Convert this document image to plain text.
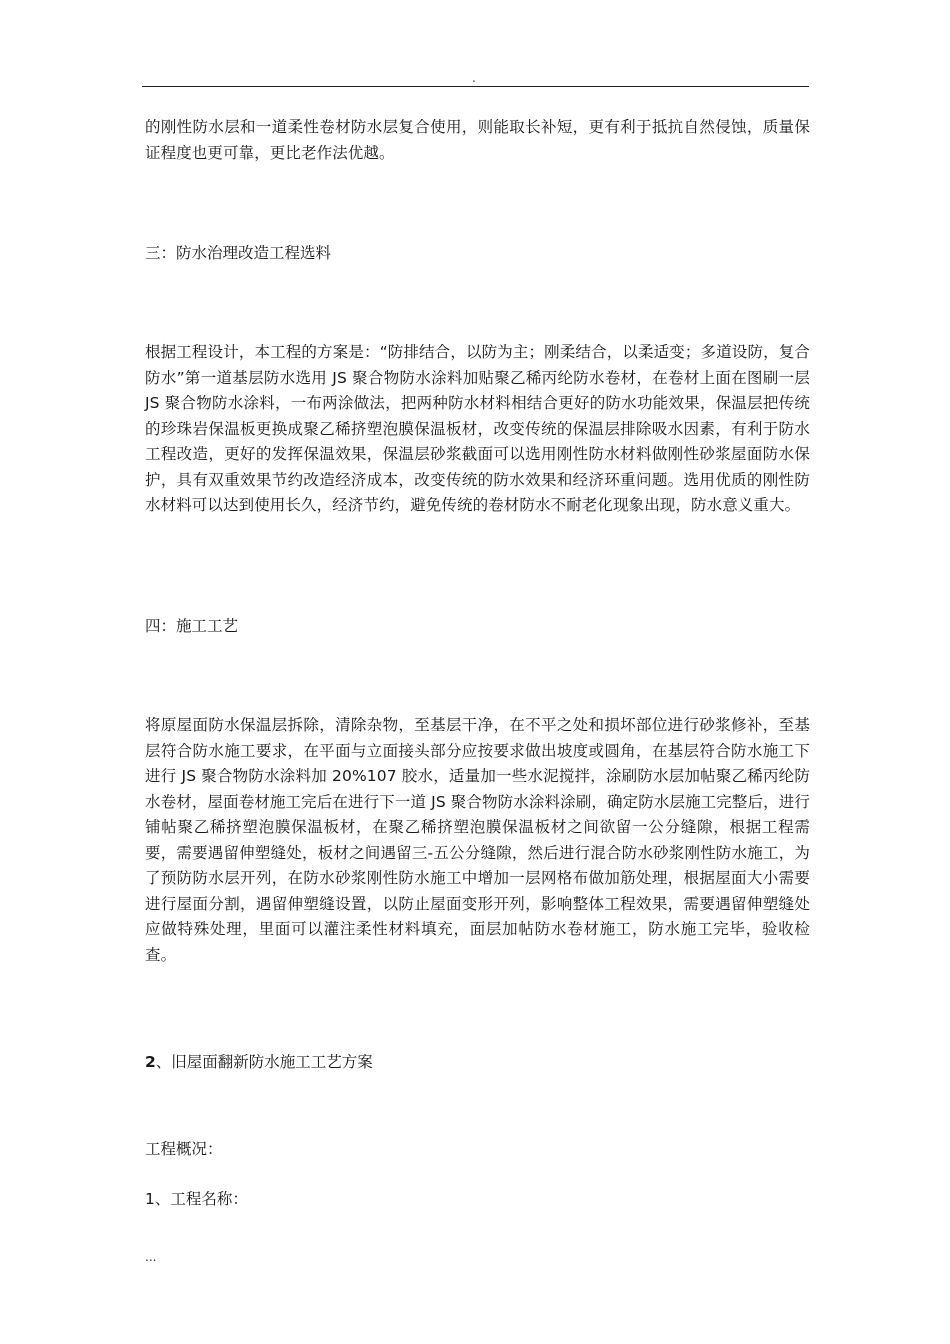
.

的刚性防水层和一道柔性卷材防水层复合使用，则能取长补短，更有利于抵抗自然侵蚀，质量保证程度也更可靠，更比老作法优越。

三：防水治理改造工程选料

根据工程设计，本工程的方案是：“防排结合，以防为主；刚柔结合，以柔适变；多道设防，复合防水”第一道基层防水选用 JS 聚合物防水涂料加贴聚乙稀丙纶防水卷材，在卷材上面在图刷一层 JS 聚合物防水涂料，一布两涂做法，把两种防水材料相结合更好的防水功能效果，保温层把传统的珍珠岩保温板更换成聚乙稀挤塑泡膜保温板材，改变传统的保温层排除吸水因素，有利于防水工程改造，更好的发挥保温效果，保温层砂浆截面可以选用刚性防水材料做刚性砂浆屋面防水保护，具有双重效果节约改造经济成本，改变传统的防水效果和经济环重问题。选用优质的刚性防水材料可以达到使用长久，经济节约，避免传统的卷材防水不耐老化现象出现，防水意义重大。

四：施工工艺

将原屋面防水保温层拆除，清除杂物，至基层干净，在不平之处和损坏部位进行砂浆修补，至基层符合防水施工要求，在平面与立面接头部分应按要求做出坡度或圆角，在基层符合防水施工下进行 JS 聚合物防水涂料加 20%107 胶水，适量加一些水泥搅拌，涂刷防水层加帖聚乙稀丙纶防水卷材，屋面卷材施工完后在进行下一道 JS 聚合物防水涂料涂刷，确定防水层施工完整后，进行铺帖聚乙稀挤塑泡膜保温板材，在聚乙稀挤塑泡膜保温板材之间欲留一公分缝隙，根据工程需要，需要遇留伸塑缝处，板材之间遇留三-五公分缝隙，然后进行混合防水砂浆刚性防水施工，为了预防防水层开列，在防水砂浆刚性防水施工中增加一层网格布做加筋处理，根据屋面大小需要进行屋面分割，遇留伸塑缝设置，以防止屋面变形开列，影响整体工程效果，需要遇留伸塑缝处应做特殊处理，里面可以灌注柔性材料填充，面层加帖防水卷材施工，防水施工完毕，验收检查。

2、旧屋面翻新防水施工工艺方案

工程概况：

1、工程名称：

...
